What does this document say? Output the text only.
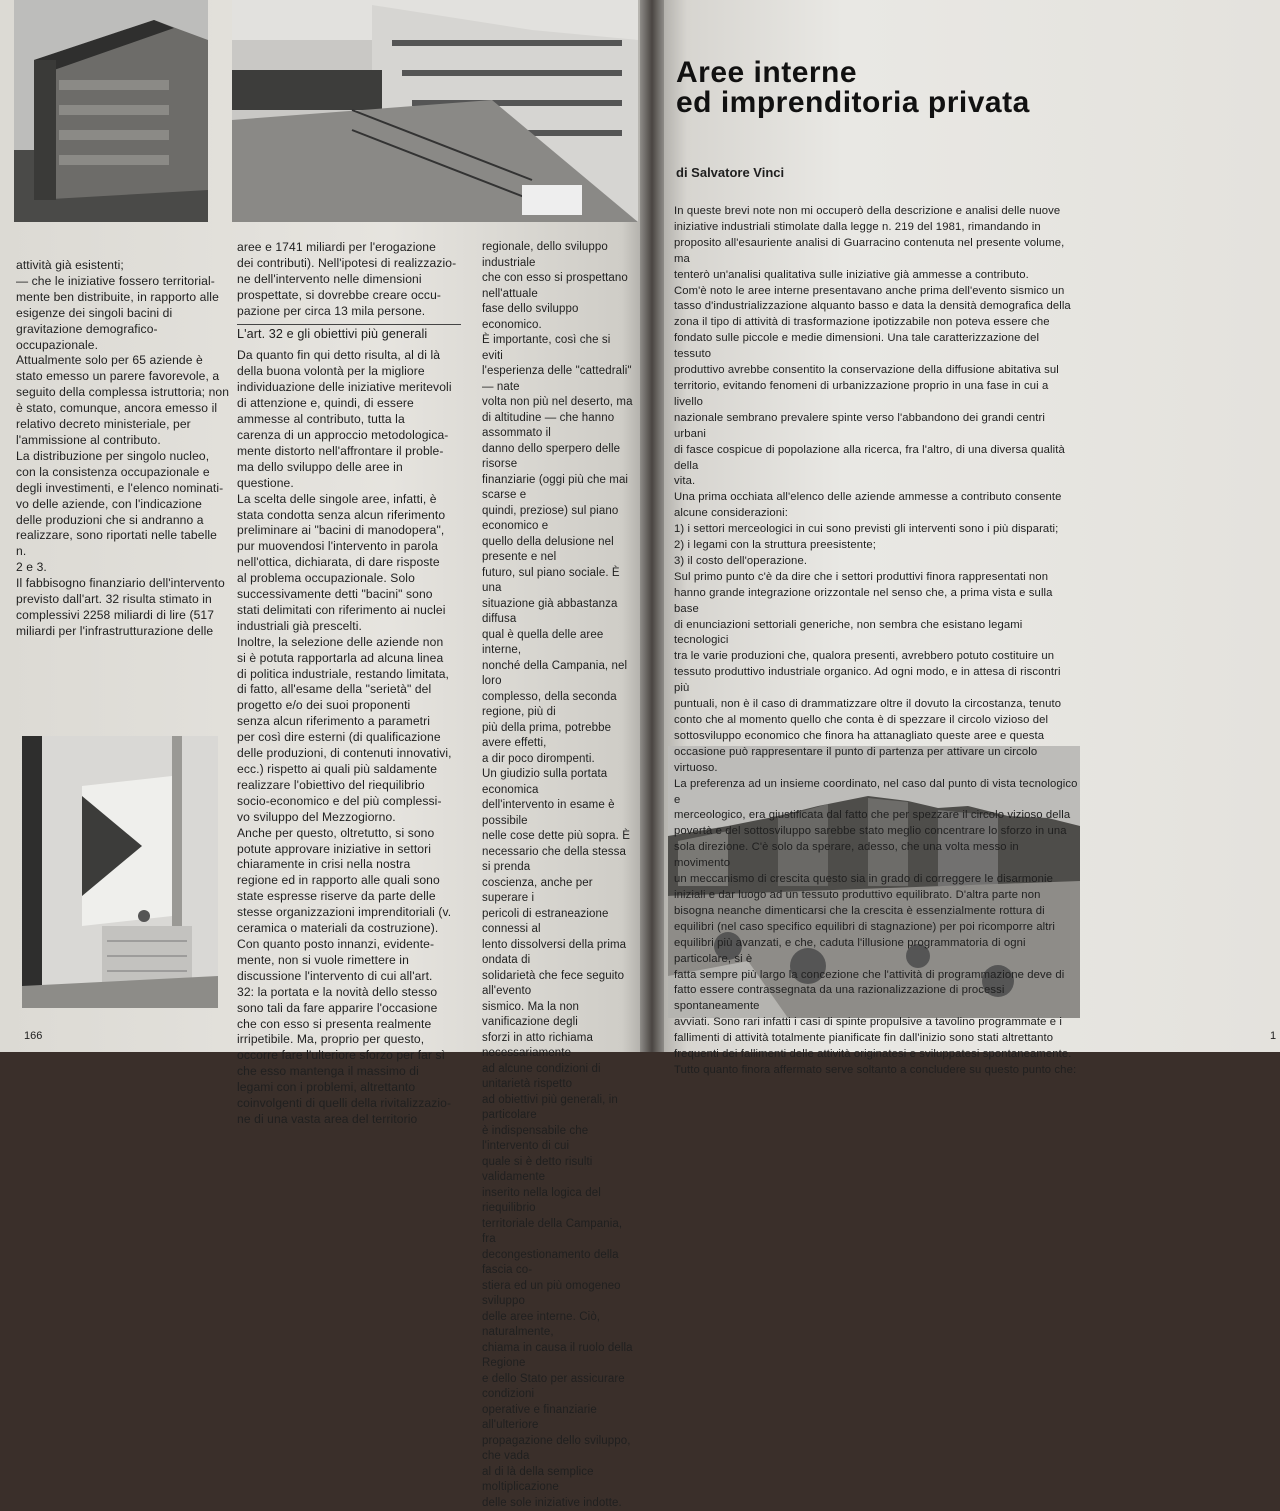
attività già esistenti;
— che le iniziative fossero territorial-
mente ben distribuite, in rapporto alle
esigenze dei singoli bacini di
gravitazione demografico-occupazionale.
Attualmente solo per 65 aziende è
stato emesso un parere favorevole, a
seguito della complessa istruttoria; non
è stato, comunque, ancora emesso il
relativo decreto ministeriale, per
l'ammissione al contributo.
La distribuzione per singolo nucleo,
con la consistenza occupazionale e
degli investimenti, e l'elenco nominati-
vo delle aziende, con l'indicazione
delle produzioni che si andranno a
realizzare, sono riportati nelle tabelle n.
2 e 3.
Il fabbisogno finanziario dell'intervento
previsto dall'art. 32 risulta stimato in
complessivi 2258 miliardi di lire (517
miliardi per l'infrastrutturazione delle

aree e 1741 miliardi per l'erogazione
dei contributi). Nell'ipotesi di realizzazio-
ne dell'intervento nelle dimensioni
prospettate, si dovrebbe creare occu-
pazione per circa 13 mila persone.

L'art. 32 e gli obiettivi più generali

Da quanto fin qui detto risulta, al di là
della buona volontà per la migliore
individuazione delle iniziative meritevoli
di attenzione e, quindi, di essere
ammesse al contributo, tutta la
carenza di un approccio metodologica-
mente distorto nell'affrontare il proble-
ma dello sviluppo delle aree in
questione.
La scelta delle singole aree, infatti, è
stata condotta senza alcun riferimento
preliminare ai "bacini di manodopera",
pur muovendosi l'intervento in parola
nell'ottica, dichiarata, di dare risposte
al problema occupazionale. Solo
successivamente detti "bacini" sono
stati delimitati con riferimento ai nuclei
industriali già prescelti.
Inoltre, la selezione delle aziende non
si è potuta rapportarla ad alcuna linea
di politica industriale, restando limitata,
di fatto, all'esame della "serietà" del
progetto e/o dei suoi proponenti
senza alcun riferimento a parametri
per così dire esterni (di qualificazione
delle produzioni, di contenuti innovativi,
ecc.) rispetto ai quali più saldamente
realizzare l'obiettivo del riequilibrio
socio-economico e del più complessi-
vo sviluppo del Mezzogiorno.
Anche per questo, oltretutto, si sono
potute approvare iniziative in settori
chiaramente in crisi nella nostra
regione ed in rapporto alle quali sono
state espresse riserve da parte delle
stesse organizzazioni imprenditoriali (v.
ceramica o materiali da costruzione).
Con quanto posto innanzi, evidente-
mente, non si vuole rimettere in
discussione l'intervento di cui all'art.
32: la portata e la novità dello stesso
sono tali da fare apparire l'occasione
che con esso si presenta realmente
irripetibile. Ma, proprio per questo,
occorre fare l'ulteriore sforzo per far sì
che esso mantenga il massimo di
legami con i problemi, altrettanto
coinvolgenti di quelli della rivitalizzazio-
ne di una vasta area del territorio

regionale, dello sviluppo industriale
che con esso si prospettano nell'attuale
fase dello sviluppo economico.
È importante, così che si eviti
l'esperienza delle "cattedrali" — nate
volta non più nel deserto, ma
di altitudine — che hanno assommato il
danno dello sperpero delle risorse
finanziarie (oggi più che mai scarse e
quindi, preziose) sul piano economico e
quello della delusione nel presente e nel
futuro, sul piano sociale. È una
situazione già abbastanza diffusa
qual è quella delle aree interne,
nonché della Campania, nel loro
complesso, della seconda regione, più di
più della prima, potrebbe avere effetti,
a dir poco dirompenti.
Un giudizio sulla portata economica
dell'intervento in esame è possibile
nelle cose dette più sopra. È
necessario che della stessa si prenda
coscienza, anche per superare i
pericoli di estraneazione connessi al
lento dissolversi della prima ondata di
solidarietà che fece seguito all'evento
sismico. Ma la non vanificazione degli
sforzi in atto richiama necessariamente
ad alcune condizioni di unitarietà rispetto
ad obiettivi più generali, in particolare
è indispensabile che l'intervento di cui
quale si è detto risulti validamente
inserito nella logica del riequilibrio
territoriale della Campania, fra
decongestionamento della fascia co-
stiera ed un più omogeneo sviluppo
delle aree interne. Ciò, naturalmente,
chiama in causa il ruolo della Regione
e dello Stato per assicurare condizioni
operative e finanziarie all'ulteriore
propagazione dello sviluppo, che vada
al di là della semplice moltiplicazione
delle sole iniziative indotte.

166
Aree interne
ed imprenditoria privata
di Salvatore Vinci

In queste brevi note non mi occuperò della descrizione e analisi delle nuove
iniziative industriali stimolate dalla legge n. 219 del 1981, rimandando in
proposito all'esauriente analisi di Guarracino contenuta nel presente volume, ma
tenterò un'analisi qualitativa sulle iniziative già ammesse a contributo.
Com'è noto le aree interne presentavano anche prima dell'evento sismico un
tasso d'industrializzazione alquanto basso e data la densità demografica della
zona il tipo di attività di trasformazione ipotizzabile non poteva essere che
fondato sulle piccole e medie dimensioni. Una tale caratterizzazione del tessuto
produttivo avrebbe consentito la conservazione della diffusione abitativa sul
territorio, evitando fenomeni di urbanizzazione proprio in una fase in cui a livello
nazionale sembrano prevalere spinte verso l'abbandono dei grandi centri urbani
di fasce cospicue di popolazione alla ricerca, fra l'altro, di una diversa qualità della
vita.
Una prima occhiata all'elenco delle aziende ammesse a contributo consente
alcune considerazioni:
1) i settori merceologici in cui sono previsti gli interventi sono i più disparati;
2) i legami con la struttura preesistente;
3) il costo dell'operazione.
Sul primo punto c'è da dire che i settori produttivi finora rappresentati non
hanno grande integrazione orizzontale nel senso che, a prima vista e sulla base
di enunciazioni settoriali generiche, non sembra che esistano legami tecnologici
tra le varie produzioni che, qualora presenti, avrebbero potuto costituire un
tessuto produttivo industriale organico. Ad ogni modo, e in attesa di riscontri più
puntuali, non è il caso di drammatizzare oltre il dovuto la circostanza, tenuto
conto che al momento quello che conta è di spezzare il circolo vizioso del
sottosviluppo economico che finora ha attanagliato queste aree e questa
occasione può rappresentare il punto di partenza per attivare un circolo virtuoso.
La preferenza ad un insieme coordinato, nel caso dal punto di vista tecnologico e
merceologico, era giustificata dal fatto che per spezzare il circolo vizioso della
povertà e del sottosviluppo sarebbe stato meglio concentrare lo sforzo in una
sola direzione. C'è solo da sperare, adesso, che una volta messo in movimento
un meccanismo di crescita questo sia in grado di correggere le disarmonie
iniziali e dar luogo ad un tessuto produttivo equilibrato. D'altra parte non
bisogna neanche dimenticarsi che la crescita è essenzialmente rottura di
equilibri (nel caso specifico equilibri di stagnazione) per poi ricomporre altri
equilibri più avanzati, e che, caduta l'illusione programmatoria di ogni particolare, si è
fatta sempre più largo la concezione che l'attività di programmazione deve di
fatto essere contrassegnata da una razionalizzazione di processi spontaneamente
avviati. Sono rari infatti i casi di spinte propulsive a tavolino programmate e i
fallimenti di attività totalmente pianificate fin dall'inizio sono stati altrettanto
frequenti dei fallimenti delle attività originatesi e sviluppatesi spontaneamente.
Tutto quanto finora affermato serve soltanto a concludere su questo punto che:

1
